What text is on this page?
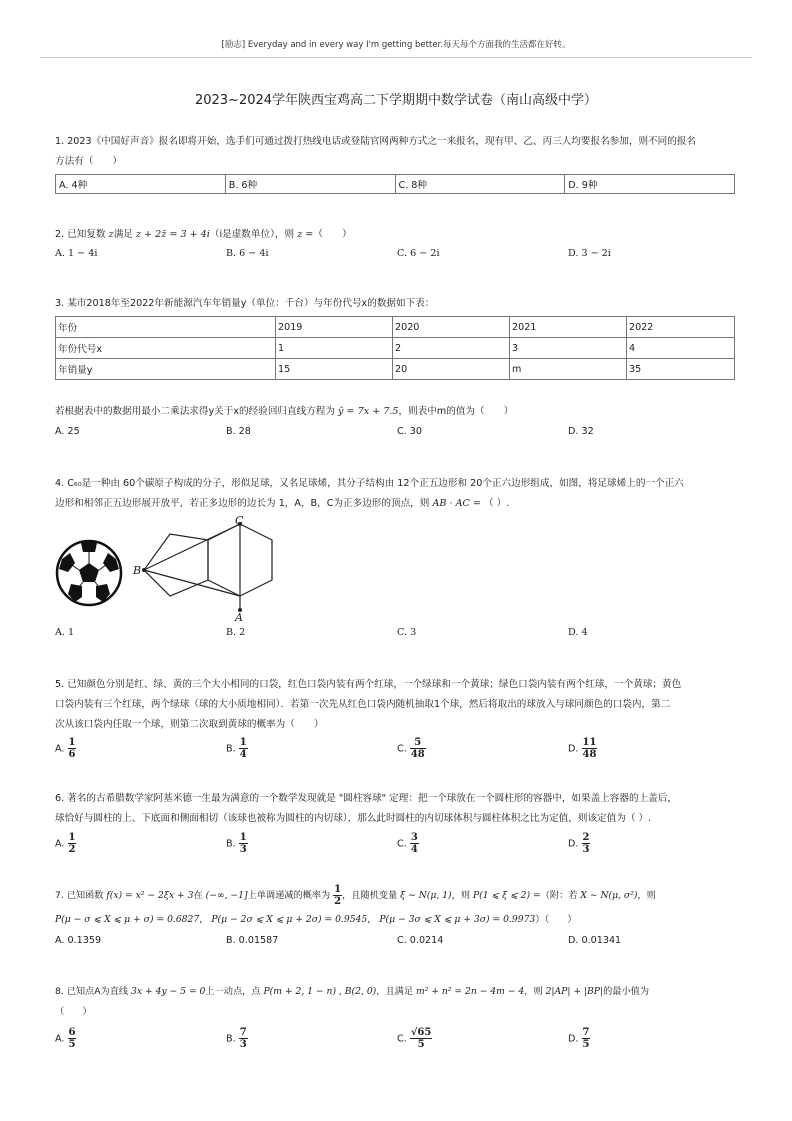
[励志] Everyday and in every way I'm getting better.每天每个方面我的生活都在好转。
2023~2024学年陕西宝鸡高二下学期期中数学试卷（南山高级中学）
1. 2023《中国好声音》报名即将开始，选手们可通过拨打热线电话或登陆官网两种方式之一来报名，现有甲、乙、丙三人均要报名参加，则不同的报名
方法有（　　）
A. 4种	B. 6种	C. 8种	D. 9种
2. 已知复数 z满足 z + 2z̄ = 3 + 4i（i是虚数单位），则 z =（　　）
A. 1 − 4i	B. 6 − 4i	C. 6 − 2i	D. 3 − 2i
3. 某市2018年至2022年新能源汽车年销量y（单位：千台）与年份代号x的数据如下表：
年份	2019	2020	2021	2022
年份代号x	1	2	3	4
年销量y	15	20	m	35
若根据表中的数据用最小二乘法求得y关于x的经验回归直线方程为 ŷ = 7x + 7.5，则表中m的值为（　　）
A. 25	B. 28	C. 30	D. 32
4. C₆₀是一种由 60个碳原子构成的分子，形似足球，又名足球烯，其分子结构由 12个正五边形和 20个正六边形组成，如图，将足球烯上的一个正六
边形和相邻正五边形展开放平，若正多边形的边长为 1，A，B，C为正多边形的顶点，则 AB · AC = （ ）.
B
C
A
A. 1	B. 2	C. 3	D. 4
5. 已知颜色分别是红、绿、黄的三个大小相同的口袋，红色口袋内装有两个红球，一个绿球和一个黄球；绿色口袋内装有两个红球，一个黄球；黄色
口袋内装有三个红球，两个绿球（球的大小质地相同）．若第一次先从红色口袋内随机抽取1个球，然后将取出的球放入与球同颜色的口袋内，第二
次从该口袋内任取一个球，则第二次取到黄球的概率为（　　）
A. $\frac{1}{6}$	B. $\frac{1}{4}$	C. $\frac{5}{48}$	D. $\frac{11}{48}$
6. 著名的古希腊数学家阿基米德一生最为满意的一个数学发现就是 "圆柱容球" 定理：把一个球放在一个圆柱形的容器中，如果盖上容器的上盖后，
球恰好与圆柱的上、下底面和侧面相切（该球也被称为圆柱的内切球），那么此时圆柱的内切球体积与圆柱体积之比为定值，则该定值为（ ）.
A. $\frac{1}{2}$	B. $\frac{1}{3}$	C. $\frac{3}{4}$	D. $\frac{2}{3}$
7. 已知函数 f(x) = x² − 2ξx + 3在 (−∞, −1]上单调递减的概率为 $\frac{1}{2}$ ，且随机变量 ξ ∼ N(μ, 1)，则 P(1 ⩽ ξ ⩽ 2) =（附：若 X ∼ N(μ, σ²)，则
P(μ − σ ⩽ X ⩽ μ + σ) = 0.6827， P(μ − 2σ ⩽ X ⩽ μ + 2σ) = 0.9545， P(μ − 3σ ⩽ X ⩽ μ + 3σ) = 0.9973）（　　）
A. 0.1359	B. 0.01587	C. 0.0214	D. 0.01341
8. 已知点A为直线 3x + 4y − 5 = 0上一动点，点 P(m + 2, 1 − n) , B(2, 0)，且满足 m² + n² = 2n − 4m − 4，则 2|AP| + |BP|的最小值为
（　　）
A. $\frac{6}{5}$	B. $\frac{7}{3}$	C. $\frac{√65}{5}$	D. $\frac{7}{5}$
